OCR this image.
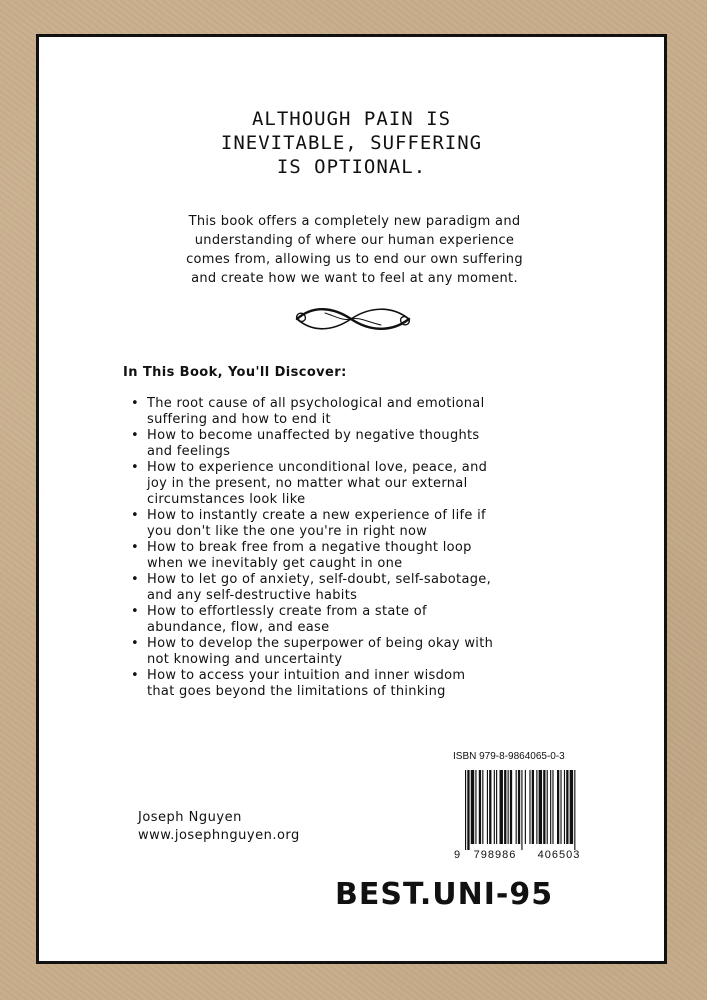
ALTHOUGH PAIN IS
INEVITABLE, SUFFERING
IS OPTIONAL.

This book offers a completely new paradigm and
understanding of where our human experience
comes from, allowing us to end our own suffering
and create how we want to feel at any moment.

In This Book, You'll Discover:
• The root cause of all psychological and emotional
suffering and how to end it
• How to become unaffected by negative thoughts
and feelings
• How to experience unconditional love, peace, and
joy in the present, no matter what our external
circumstances look like
• How to instantly create a new experience of life if
you don't like the one you're in right now
• How to break free from a negative thought loop
when we inevitably get caught in one
• How to let go of anxiety, self-doubt, self-sabotage,
and any self-destructive habits
• How to effortlessly create from a state of
abundance, flow, and ease
• How to develop the superpower of being okay with
not knowing and uncertainty
• How to access your intuition and inner wisdom
that goes beyond the limitations of thinking

ISBN 979-8-9864065-0-3

9 798986 406503

Joseph Nguyen

www.josephnguyen.org

BEST.UNI-95
